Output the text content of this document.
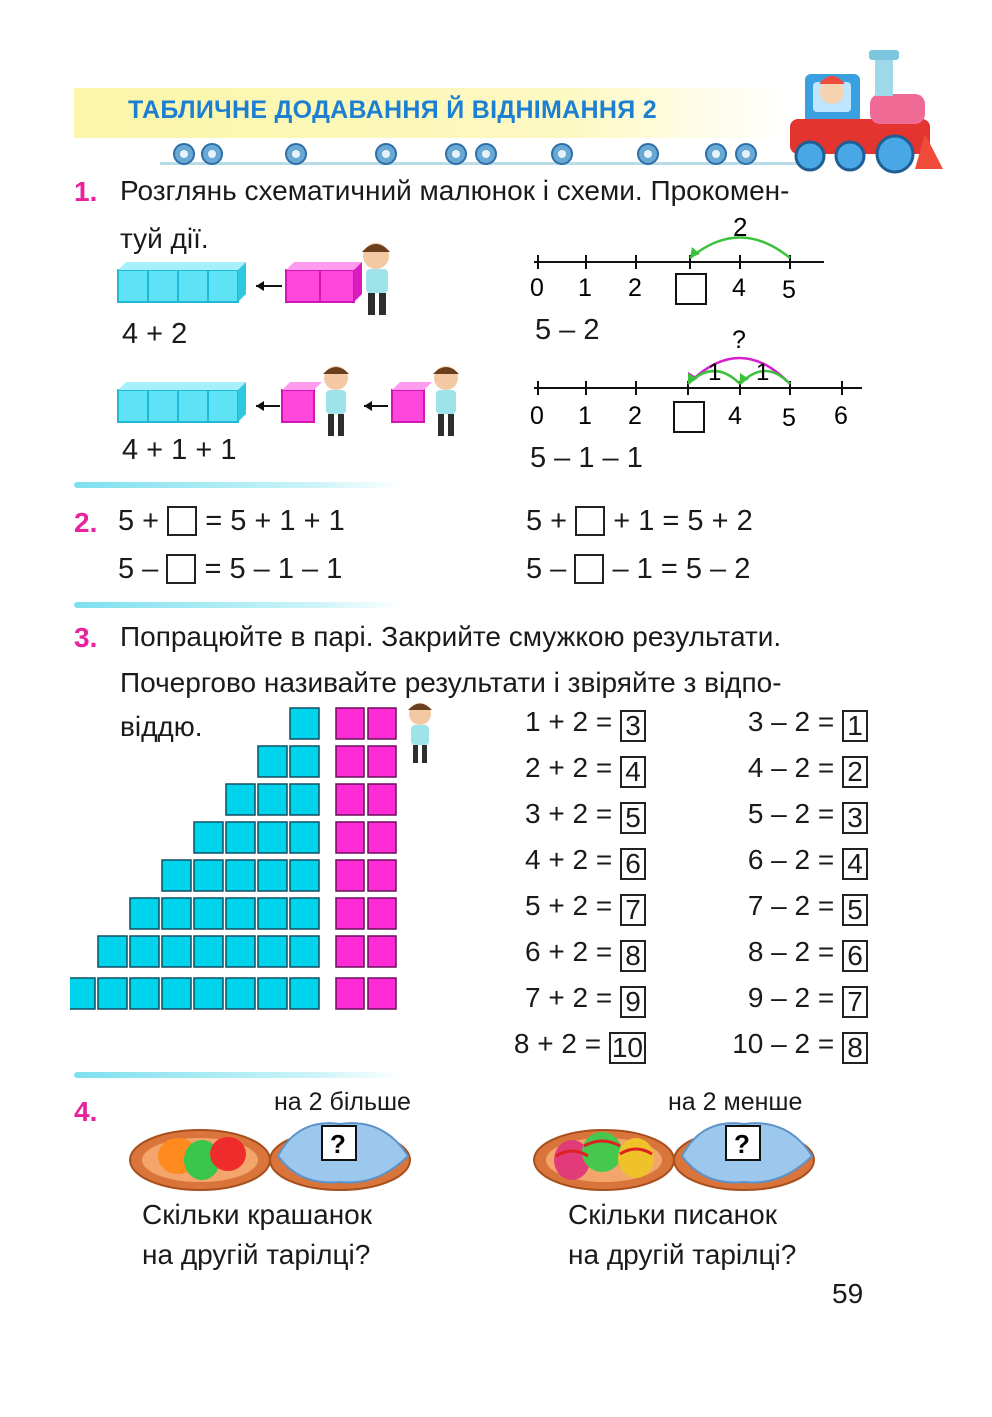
ТАБЛИЧНЕ ДОДАВАННЯ Й ВІДНІМАННЯ 2
1. Розглянь схематичний малюнок і схеми. Прокомен-
туй дії.
4 + 2
4 + 1 + 1
2
0 1 2	4 5
5 – 2	?
1 1
0 1 2	4 5 6
5 – 1 – 1
2. 5 + = 5 + 1 + 1
5 – = 5 – 1 – 1
5 + + 1 = 5 + 2
5 – – 1 = 5 – 2
3. Попрацюйте в парі. Закрийте смужкою результати.
Почергово називайте результати і звіряйте з відпо-
віддю.	1 + 2 = 3
2 + 2 = 4
3 + 2 = 5
4 + 2 = 6
5 + 2 = 7
6 + 2 = 8
7 + 2 = 9
8 + 2 = 10
3 – 2 = 1
4 – 2 = 2
5 – 2 = 3
6 – 2 = 4
7 – 2 = 5
8 – 2 = 6
9 – 2 = 7
10 – 2 = 8
4.	на 2 більше	на 2 менше
?	?
Скільки крашанок
на другій тарілці?
Скільки писанок
на другій тарілці?
59
